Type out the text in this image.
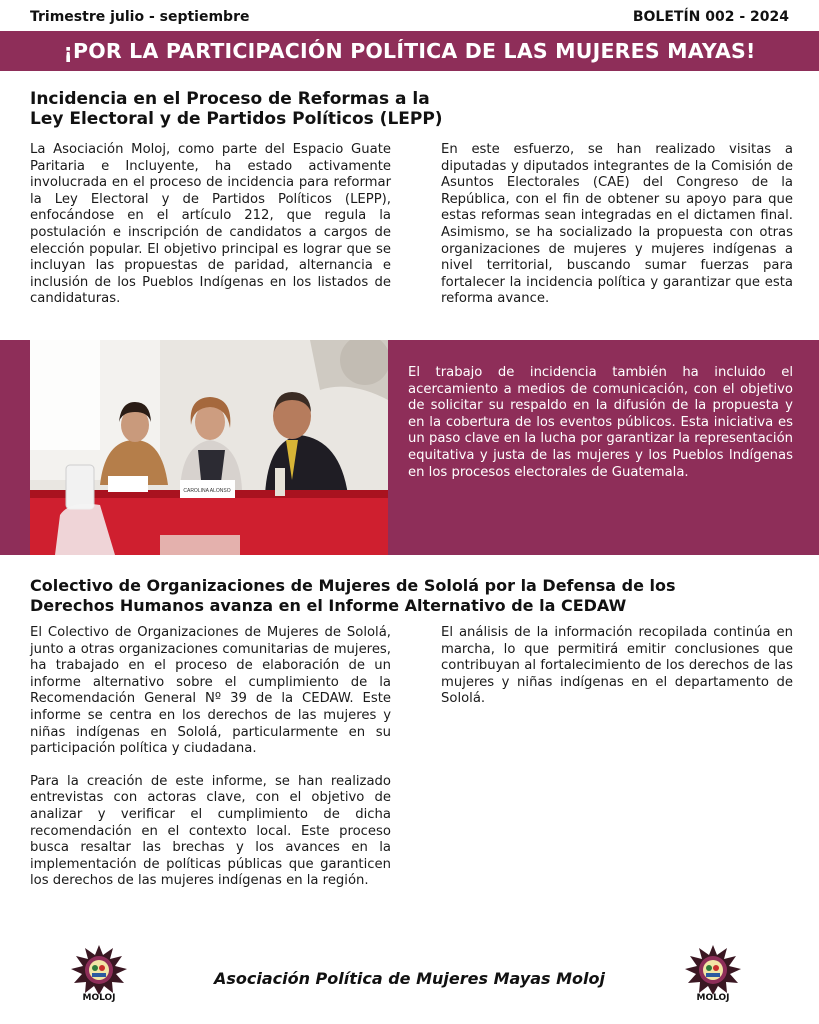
Trimestre julio - septiembre	BOLETÍN 002 - 2024
¡POR LA PARTICIPACIÓN POLÍTICA DE LAS MUJERES MAYAS!
Incidencia en el Proceso de Reformas a la
Ley Electoral y de Partidos Políticos (LEPP)

La Asociación Moloj, como parte del Espacio Guate Paritaria e Incluyente, ha estado activamente involucrada en el proceso de incidencia para reformar la Ley Electoral y de Partidos Políticos (LEPP), enfocándose en el artículo 212, que regula la postulación e inscripción de candidatos a cargos de elección popular. El objetivo principal es lograr que se incluyan las propuestas de paridad, alternancia e inclusión de los Pueblos Indígenas en los listados de candidaturas.

En este esfuerzo, se han realizado visitas a diputadas y diputados integrantes de la Comisión de Asuntos Electorales (CAE) del Congreso de la República, con el fin de obtener su apoyo para que estas reformas sean integradas en el dictamen final. Asimismo, se ha socializado la propuesta con otras organizaciones de mujeres y mujeres indígenas a nivel territorial, buscando sumar fuerzas para fortalecer la incidencia política y garantizar que esta reforma avance.

CAROLINA ALONSO
El trabajo de incidencia también ha incluido el acercamiento a medios de comunicación, con el objetivo de solicitar su respaldo en la difusión de la propuesta y en la cobertura de los eventos públicos. Esta iniciativa es un paso clave en la lucha por garantizar la representación equitativa y justa de las mujeres y los Pueblos Indígenas en los procesos electorales de Guatemala.
Colectivo de Organizaciones de Mujeres de Sololá por la Defensa de los
Derechos Humanos avanza en el Informe Alternativo de la CEDAW

El Colectivo de Organizaciones de Mujeres de Sololá, junto a otras organizaciones comunitarias de mujeres, ha trabajado en el proceso de elaboración de un informe alternativo sobre el cumplimiento de la Recomendación General Nº 39 de la CEDAW. Este informe se centra en los derechos de las mujeres y niñas indígenas en Sololá, particularmente en su participación política y ciudadana.

Para la creación de este informe, se han realizado entrevistas con actoras clave, con el objetivo de analizar y verificar el cumplimiento de dicha recomendación en el contexto local. Este proceso busca resaltar las brechas y los avances en la implementación de políticas públicas que garanticen los derechos de las mujeres indígenas en la región.

El análisis de la información recopilada continúa en marcha, lo que permitirá emitir conclusiones que contribuyan al fortalecimiento de los derechos de las mujeres y niñas indígenas en el departamento de Sololá.

MOLOJ
Asociación Política de Mujeres Mayas Moloj
MOLOJ
